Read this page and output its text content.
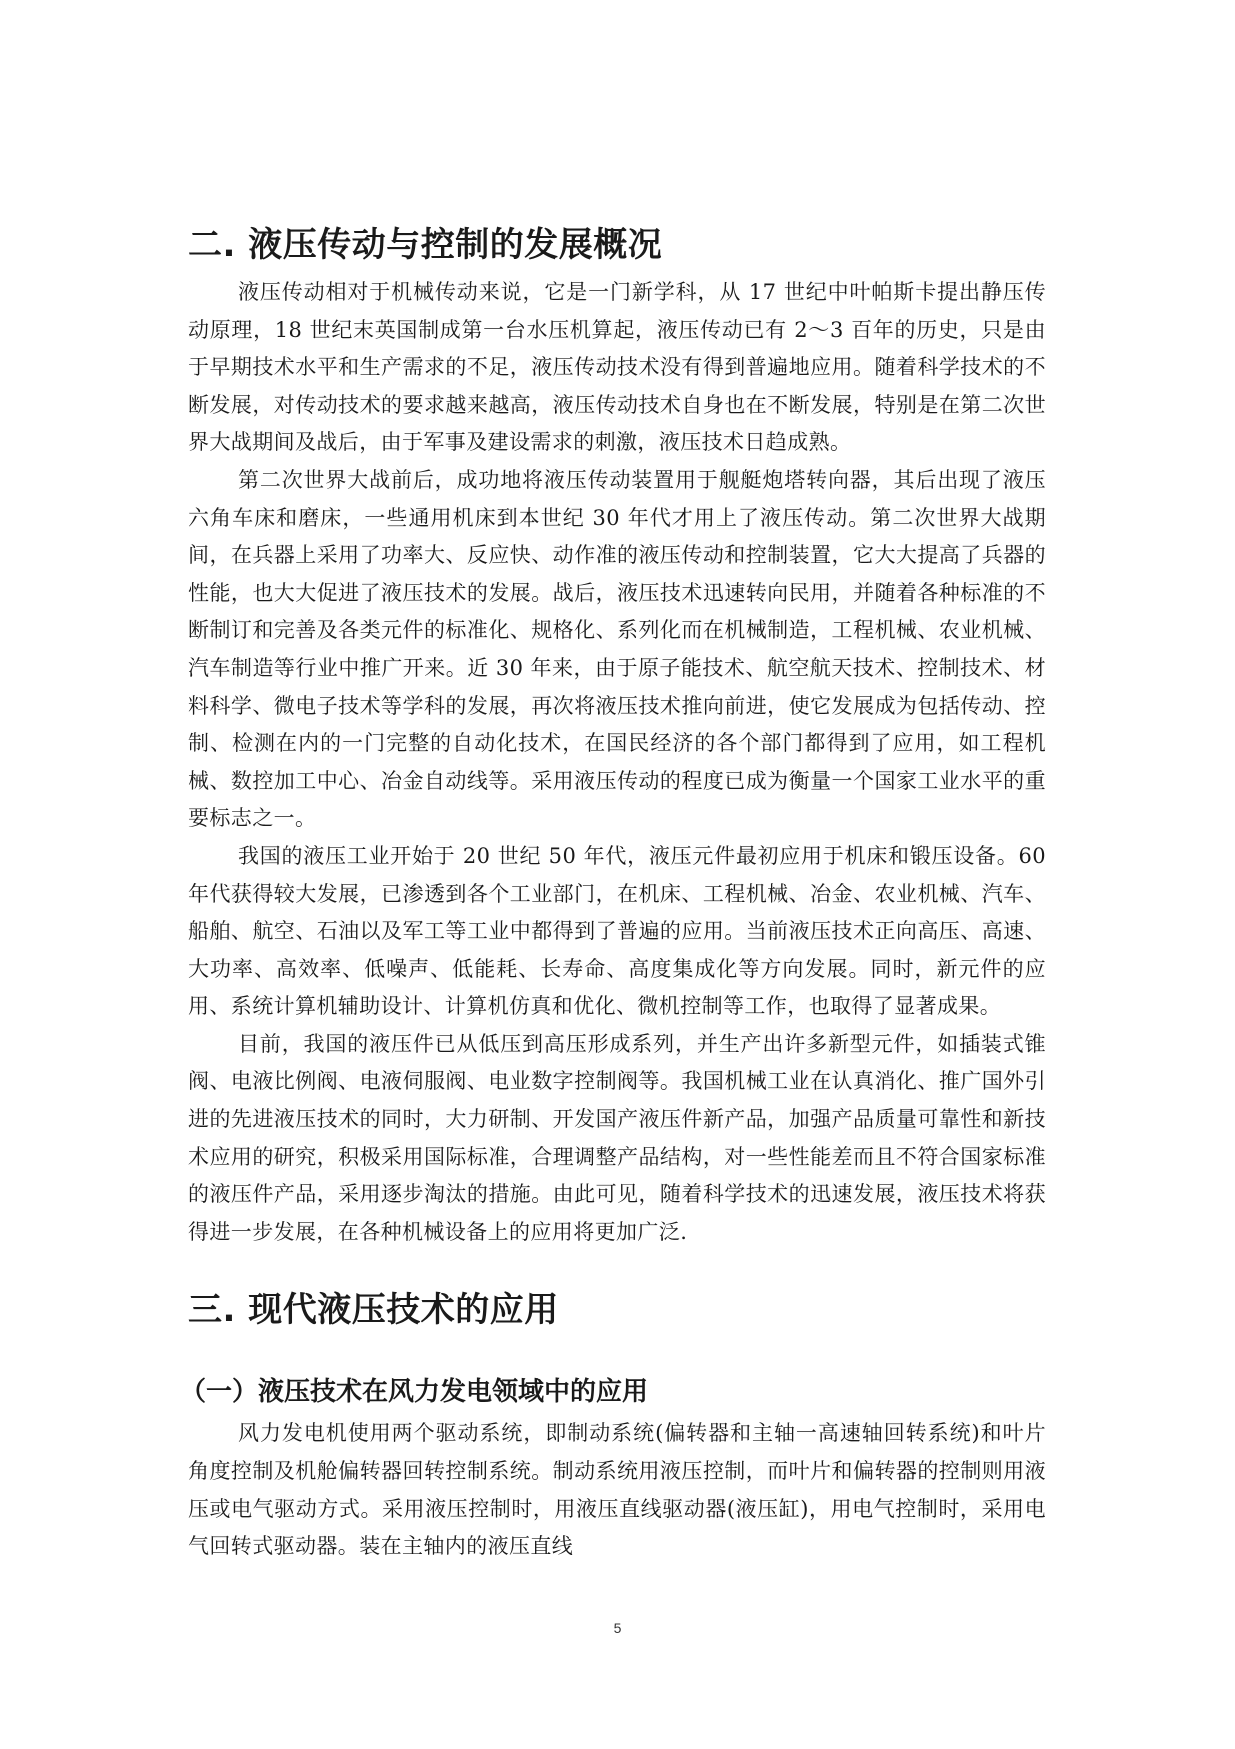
二. 液压传动与控制的发展概况

液压传动相对于机械传动来说，它是一门新学科，从 17 世纪中叶帕斯卡提出静压传动原理，18 世纪末英国制成第一台水压机算起，液压传动已有 2～3 百年的历史，只是由于早期技术水平和生产需求的不足，液压传动技术没有得到普遍地应用。随着科学技术的不断发展，对传动技术的要求越来越高，液压传动技术自身也在不断发展，特别是在第二次世界大战期间及战后，由于军事及建设需求的刺激，液压技术日趋成熟。

第二次世界大战前后，成功地将液压传动装置用于舰艇炮塔转向器，其后出现了液压六角车床和磨床，一些通用机床到本世纪 30 年代才用上了液压传动。第二次世界大战期间，在兵器上采用了功率大、反应快、动作准的液压传动和控制装置，它大大提高了兵器的性能，也大大促进了液压技术的发展。战后，液压技术迅速转向民用，并随着各种标准的不断制订和完善及各类元件的标准化、规格化、系列化而在机械制造，工程机械、农业机械、汽车制造等行业中推广开来。近 30 年来，由于原子能技术、航空航天技术、控制技术、材料科学、微电子技术等学科的发展，再次将液压技术推向前进，使它发展成为包括传动、控制、检测在内的一门完整的自动化技术，在国民经济的各个部门都得到了应用，如工程机械、数控加工中心、冶金自动线等。采用液压传动的程度已成为衡量一个国家工业水平的重要标志之一。

我国的液压工业开始于 20 世纪 50 年代，液压元件最初应用于机床和锻压设备。60 年代获得较大发展，已渗透到各个工业部门，在机床、工程机械、冶金、农业机械、汽车、船舶、航空、石油以及军工等工业中都得到了普遍的应用。当前液压技术正向高压、高速、大功率、高效率、低噪声、低能耗、长寿命、高度集成化等方向发展。同时，新元件的应用、系统计算机辅助设计、计算机仿真和优化、微机控制等工作，也取得了显著成果。

目前，我国的液压件已从低压到高压形成系列，并生产出许多新型元件，如插装式锥阀、电液比例阀、电液伺服阀、电业数字控制阀等。我国机械工业在认真消化、推广国外引进的先进液压技术的同时，大力研制、开发国产液压件新产品，加强产品质量可靠性和新技术应用的研究，积极采用国际标准，合理调整产品结构，对一些性能差而且不符合国家标准的液压件产品，采用逐步淘汰的措施。由此可见，随着科学技术的迅速发展，液压技术将获得进一步发展，在各种机械设备上的应用将更加广泛.

三. 现代液压技术的应用
（一）液压技术在风力发电领域中的应用

风力发电机使用两个驱动系统，即制动系统(偏转器和主轴一高速轴回转系统)和叶片角度控制及机舱偏转器回转控制系统。制动系统用液压控制，而叶片和偏转器的控制则用液压或电气驱动方式。采用液压控制时，用液压直线驱动器(液压缸)，用电气控制时，采用电气回转式驱动器。装在主轴内的液压直线

5
